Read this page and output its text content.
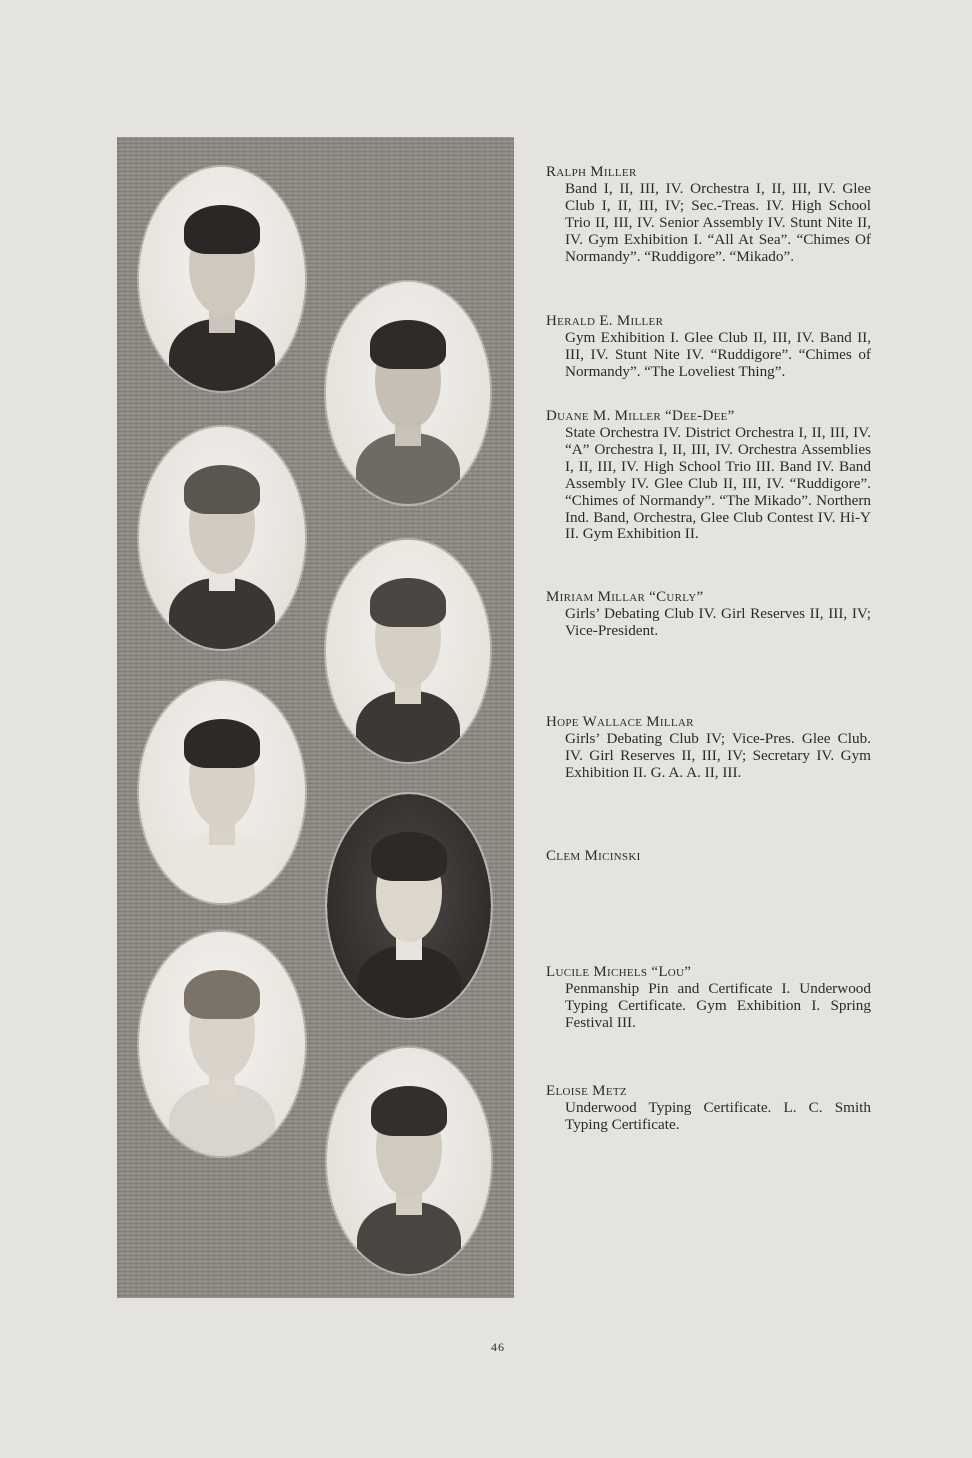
Ralph Miller
Band I, II, III, IV. Orchestra I, II, III, IV. Glee Club I, II, III, IV; Sec.-Treas. IV. High School Trio II, III, IV. Senior Assembly IV. Stunt Nite II, IV. Gym Exhibition I. “All At Sea”. “Chimes Of Normandy”. “Ruddigore”. “Mikado”.
Herald E. Miller
Gym Exhibition I. Glee Club II, III, IV. Band II, III, IV. Stunt Nite IV. “Ruddigore”. “Chimes of Normandy”. “The Loveliest Thing”.
Duane M. Miller “Dee-Dee”
State Orchestra IV. District Orchestra I, II, III, IV. “A” Orchestra I, II, III, IV. Orchestra Assemblies I, II, III, IV. High School Trio III. Band IV. Band Assembly IV. Glee Club II, III, IV. “Ruddigore”. “Chimes of Normandy”. “The Mikado”. Northern Ind. Band, Orchestra, Glee Club Contest IV. Hi-Y II. Gym Exhibition II.
Miriam Millar “Curly”
Girls’ Debating Club IV. Girl Reserves II, III, IV; Vice-President.
Hope Wallace Millar
Girls’ Debating Club IV; Vice-Pres. Glee Club. IV. Girl Reserves II, III, IV; Secretary IV. Gym Exhibition II. G. A. A. II, III.
Clem Micinski
Lucile Michels “Lou”
Penmanship Pin and Certificate I. Underwood Typing Certificate. Gym Exhibition I. Spring Festival III.
Eloise Metz
Underwood Typing Certificate. L. C. Smith Typing Certificate.
46
